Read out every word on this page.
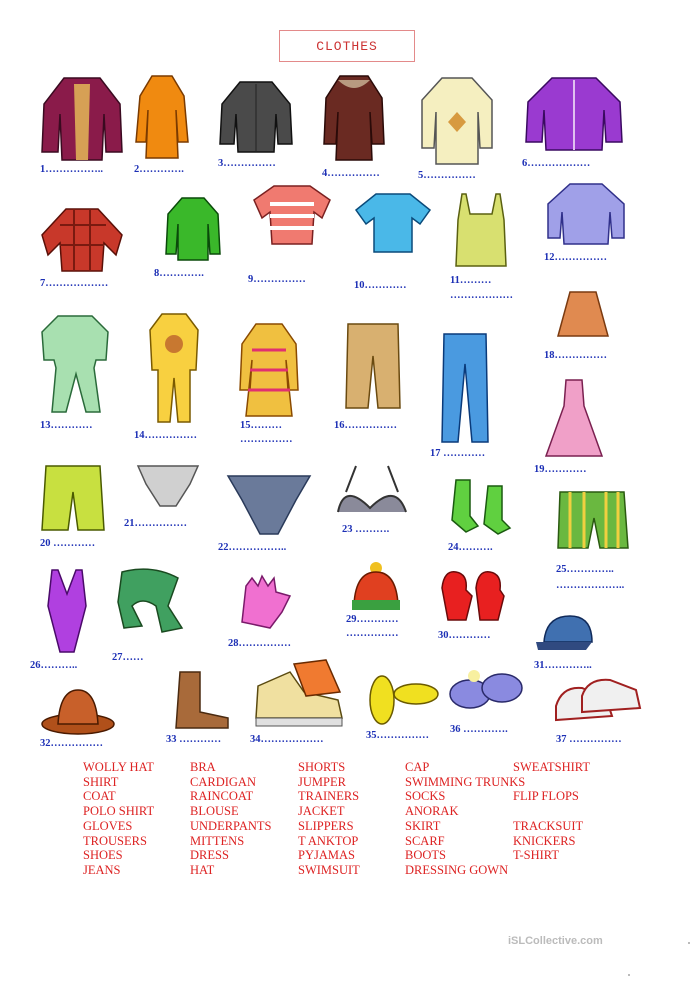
CLOTHES
1……………..	2………….
3……………
4……………	5……………
6………………
7………………
8………….
9……………
10…………	11………
………………
12……………
13…………
14……………
15………
……………
16……………
17 …………
18……………
19…………
20 …………
21……………
22……………..
23 ……….
24……….
25…………..
………………..
26………..
27……
28……………
29…………
……………	30…………
31…………..
32……………	33 …………	34………………	35……………
36 ………….
37 ……………
WOLLY HAT
SHIRT
COAT
POLO SHIRT
GLOVES
TROUSERS
SHOES
JEANS
BRA
CARDIGAN
RAINCOAT
BLOUSE
UNDERPANTS
MITTENS
DRESS
HAT
SHORTS
JUMPER
TRAINERS
JACKET
SLIPPERS
T ANKTOP
PYJAMAS
SWIMSUIT
CAP
SWIMMING TRUNKS
SOCKS
ANORAK
SKIRT
SCARF
BOOTS
DRESSING GOWN
SWEATSHIRT

FLIP FLOPS

TRACKSUIT
KNICKERS
T-SHIRT
iSLCollective.com
